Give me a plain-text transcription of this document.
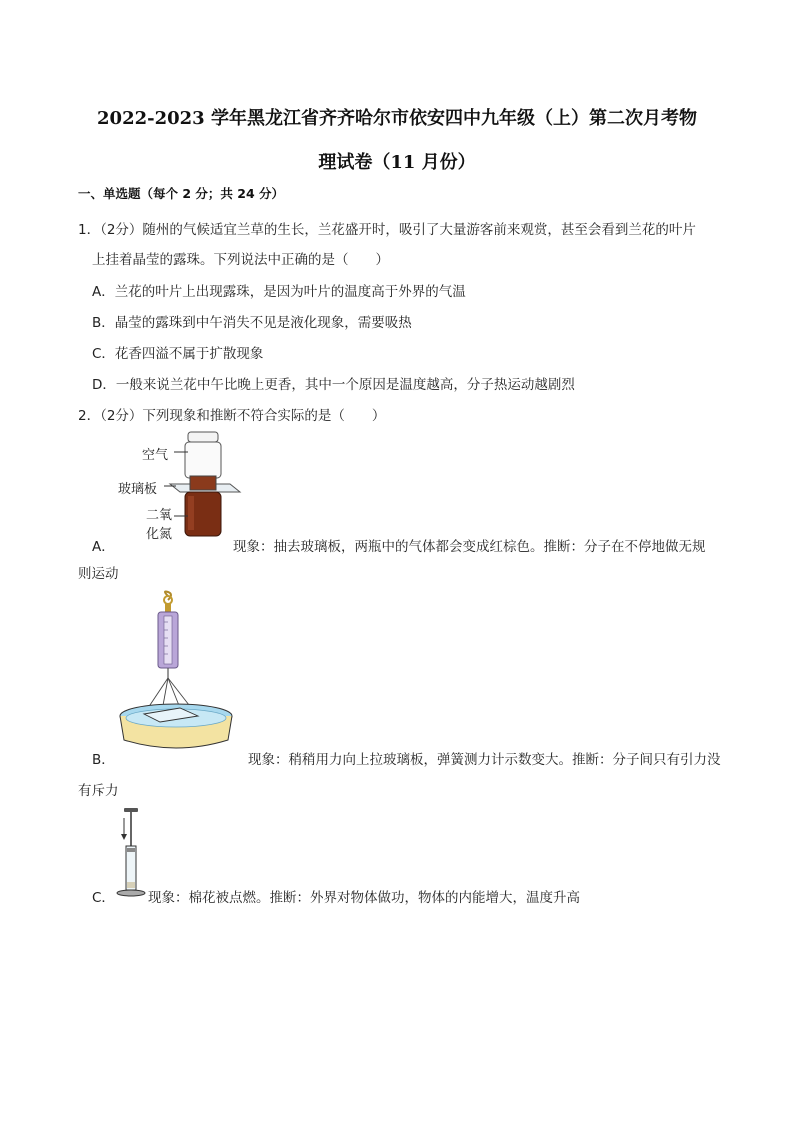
2022-2023 学年黑龙江省齐齐哈尔市依安四中九年级（上）第二次月考物
理试卷（11 月份）
一、单选题（每个 2 分；共 24 分）
1．（2分）随州的气候适宜兰草的生长，兰花盛开时，吸引了大量游客前来观赏，甚至会看到兰花的叶片
上挂着晶莹的露珠。下列说法中正确的是（　　）
A．兰花的叶片上出现露珠，是因为叶片的温度高于外界的气温
B．晶莹的露珠到中午消失不见是液化现象，需要吸热
C．花香四溢不属于扩散现象
D．一般来说兰花中午比晚上更香，其中一个原因是温度越高，分子热运动越剧烈
2．（2分）下列现象和推断不符合实际的是（　　）
空气
玻璃板
二氧
化氮
A．	现象：抽去玻璃板，两瓶中的气体都会变成红棕色。推断：分子在不停地做无规
则运动
B．	现象：稍稍用力向上拉玻璃板，弹簧测力计示数变大。推断：分子间只有引力没
有斥力
C． 现象：棉花被点燃。推断：外界对物体做功，物体的内能增大，温度升高
